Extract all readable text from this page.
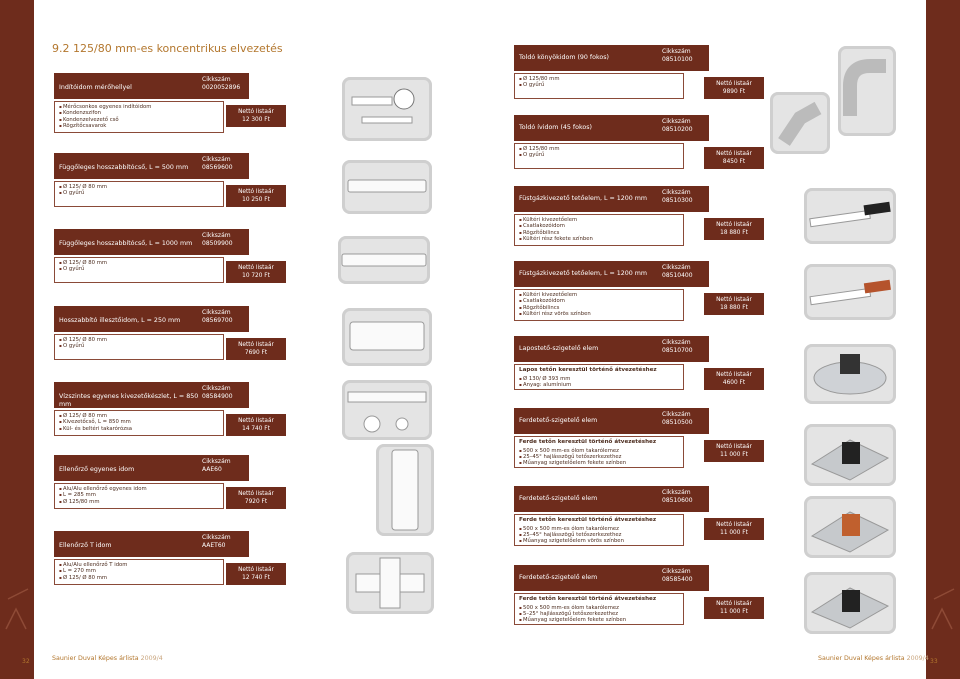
9.2 125/80 mm-es koncentrikus elvezetés
Indítóidom mérőhellyel
Cikkszám
0020052896
▪ Mérőcsonkos egyenes indítóidom
▪ Kondenzszifon
▪ Kondenzelvezető cső
▪ Rögzítőcsavarok
Nettó listaár
12 300 Ft
Függőleges hosszabbítócső, L = 500 mm
Cikkszám
08569600
▪ Ø 125/ Ø 80 mm
▪ O gyűrű	Nettó listaár
10 250 Ft
Függőleges hosszabbítócső, L = 1000 mm
Cikkszám
08509900
▪ Ø 125/ Ø 80 mm
▪ O gyűrű	Nettó listaár
10 720 Ft
Hosszabbító illesztőidom, L = 250 mm
Cikkszám
08569700
▪ Ø 125/ Ø 80 mm
▪ O gyűrű	Nettó listaár
7690 Ft
Vízszintes egyenes kivezetőkészlet, L = 850 mm
Cikkszám
08584900
▪ Ø 125/ Ø 80 mm
▪ Kivezetőcső, L = 850 mm
▪ Kül- és beltéri takarórózsa
Nettó listaár
14 740 Ft
Ellenőrző egyenes idom
Cikkszám
AAE60
▪ Alu/Alu ellenőrző egyenes idom
▪ L = 285 mm
▪ Ø 125/80 mm
Nettó listaár
7920 Ft
Ellenőrző T idom
Cikkszám
AAET60
▪ Alu/Alu ellenőrző T idom
▪ L = 270 mm
▪ Ø 125/ Ø 80 mm
Nettó listaár
12 740 Ft
Toldó könyökidom (90 fokos)
Cikkszám
08510100
▪ Ø 125/80 mm
▪ O gyűrű	Nettó listaár
9890 Ft
Toldó ívidom (45 fokos)
Cikkszám
08510200
▪ Ø 125/80 mm
▪ O gyűrű	Nettó listaár
8450 Ft
Füstgázkivezető tetőelem, L = 1200 mm
Cikkszám
08510300
▪ Kültéri kivezetőelem
▪ Csatlakozóidom
▪ Rögzítőbilincs
▪ Kültéri rész fekete színben
Nettó listaár
18 880 Ft
Füstgázkivezető tetőelem, L = 1200 mm
Cikkszám
08510400
▪ Kültéri kivezetőelem
▪ Csatlakozóidom
▪ Rögzítőbilincs
▪ Kültéri rész vörös színben
Nettó listaár
18 880 Ft
Lapostető-szigetelő elem
Cikkszám
08510700
Lapos tetőn keresztül történő átvezetéshez
▪ Ø 130/ Ø 393 mm
▪ Anyag: alumínium
Nettó listaár
4600 Ft
Ferdetető-szigetelő elem
Cikkszám
08510500
Ferde tetőn keresztül történő átvezetéshez
▪ 500 x 500 mm-es ólom takarólemez
▪ 25–45° hajlásszögű tetőszerkezethez
▪ Műanyag szigetelőelem fekete színben
Nettó listaár
11 000 Ft
Ferdetető-szigetelő elem
Cikkszám
08510600
Ferde tetőn keresztül történő átvezetéshez
▪ 500 x 500 mm-es ólom takarólemez
▪ 25–45° hajlásszögű tetőszerkezethez
▪ Műanyag szigetelőelem vörös színben
Nettó listaár
11 000 Ft
Ferdetető-szigetelő elem
Cikkszám
08585400
Ferde tetőn keresztül történő átvezetéshez
▪ 500 x 500 mm-es ólom takarólemez
▪ 5–25° hajlásszögű tetőszerkezethez
▪ Műanyag szigetelőelem fekete színben
Nettó listaár
11 000 Ft
32	Saunier Duval Képes árlista 2009/4	Saunier Duval Képes árlista 2009/4 33
